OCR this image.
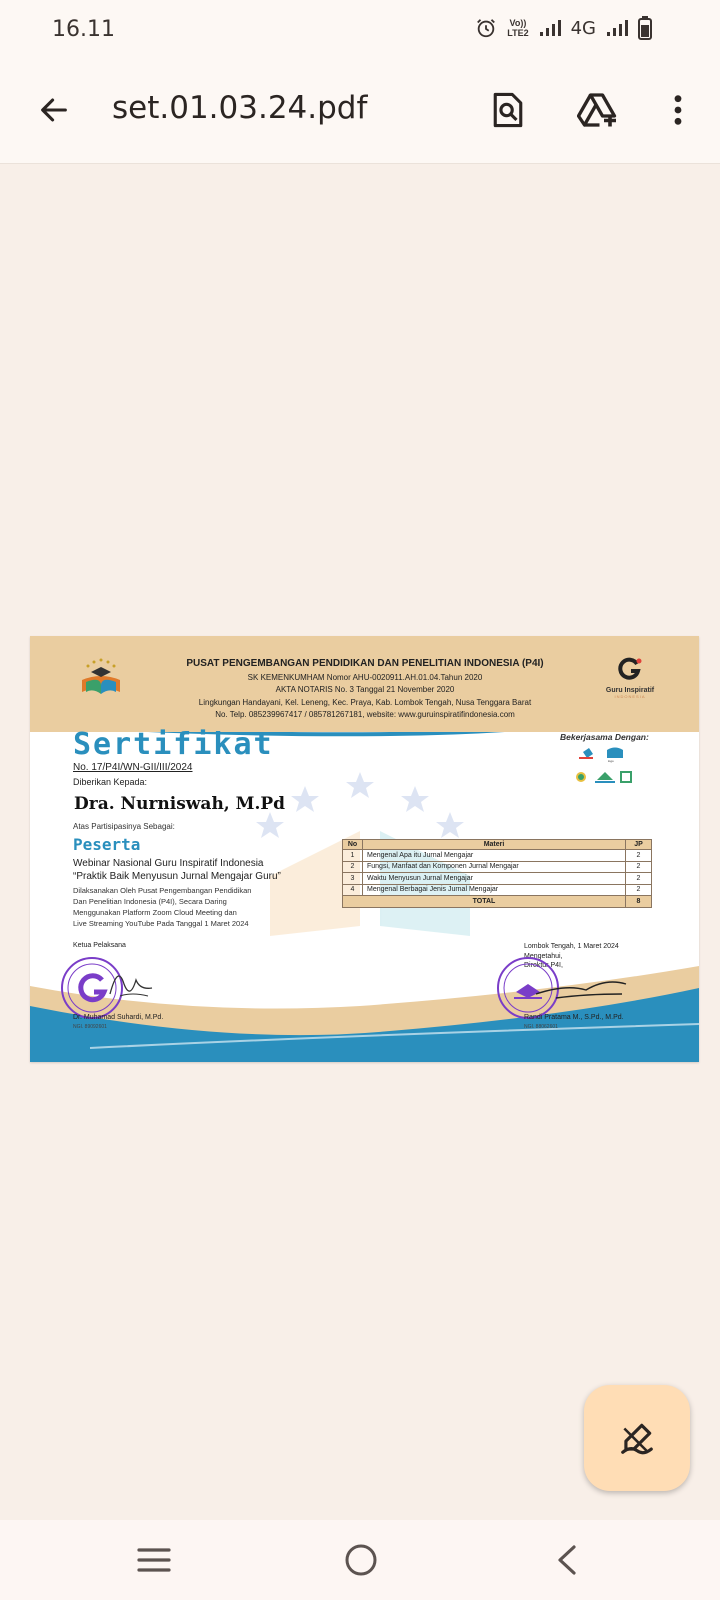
16.11	Vo))
LTE2 4G
set.01.03.24.pdf
PUSAT PENGEMBANGAN PENDIDIKAN DAN PENELITIAN INDONESIA (P4I)
SK KEMENKUMHAM Nomor AHU-0020911.AH.01.04.Tahun 2020
AKTA NOTARIS No. 3 Tanggal 21 November 2020
Lingkungan Handayani, Kel. Leneng, Kec. Praya, Kab. Lombok Tengah, Nusa Tenggara Barat
No. Telp. 085239967417 / 085781267181, website: www.guruinspiratifindonesia.com
Guru Inspiratif
INDONESIA
Sertifikat
No. 17/P4I/WN-GII/III/2024
Diberikan Kepada:
Dra. Nurniswah, M.Pd
Atas Partisipasinya Sebagai:
Peserta
Webinar Nasional Guru Inspiratif Indonesia
“Praktik Baik Menyusun Jurnal Mengajar Guru”
Dilaksanakan Oleh Pusat Pengembangan Pendidikan
Dan Penelitian Indonesia (P4I), Secara Daring
Menggunakan Platform Zoom Cloud Meeting dan
Live Streaming YouTube Pada Tanggal 1 Maret 2024
Bekerjasama Dengan:
logo
No	Materi	JP
1	Mengenal Apa itu Jurnal Mengajar	2
2	Fungsi, Manfaat dan Komponen Jurnal Mengajar	2
3	Waktu Menyusun Jurnal Mengajar	2
4	Mengenal Berbagai Jenis Jurnal Mengajar	2
TOTAL		8
Ketua Pelaksana
Dr. Muhamad Suhardi, M.Pd.
NGI. 89092601
Lombok Tengah, 1 Maret 2024
Mengetahui,
Direktur P4I,
Randi Pratama M., S.Pd., M.Pd.
NGI. 88062601
